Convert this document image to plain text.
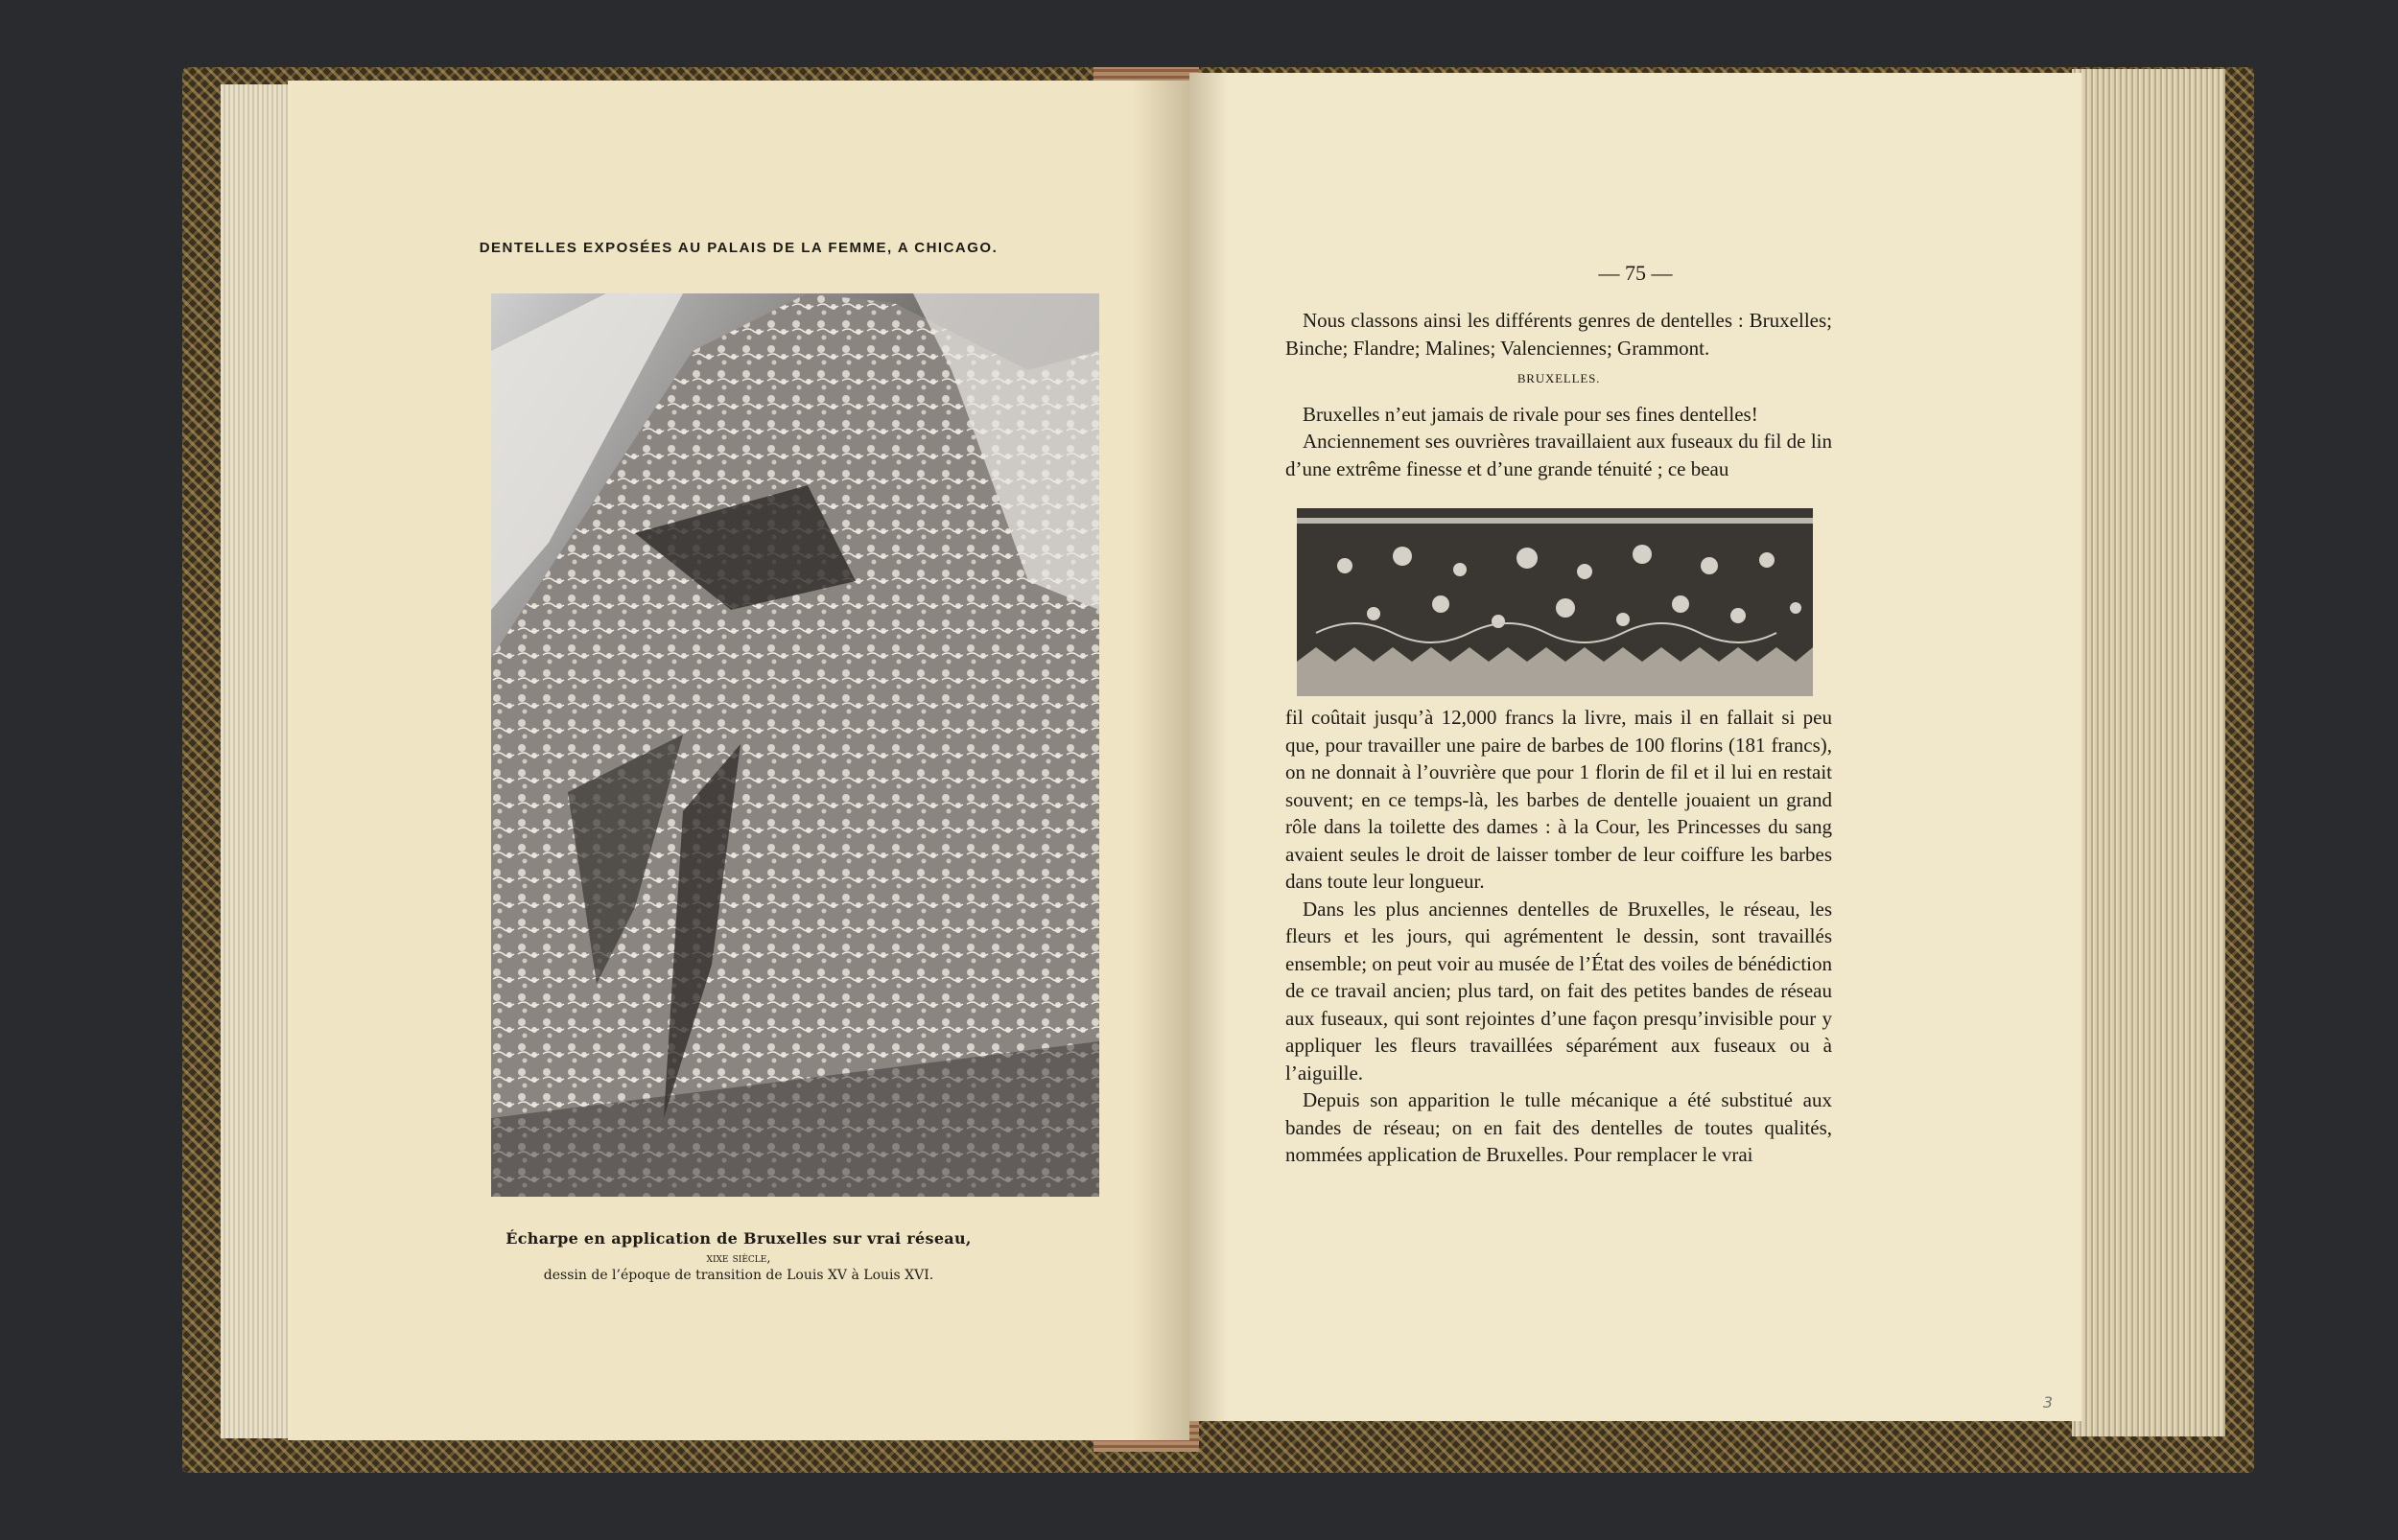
DENTELLES EXPOSÉES AU PALAIS DE LA FEMME, A CHICAGO.
Écharpe en application de Bruxelles sur vrai réseau,
xixe siècle,
dessin de l’époque de transition de Louis XV à Louis XVI.
— 75 —

Nous classons ainsi les différents genres de dentelles : Bruxelles; Binche; Flandre; Malines; Valenciennes; Grammont.

BRUXELLES.

Bruxelles n’eut jamais de rivale pour ses fines dentelles!

Anciennement ses ouvrières travaillaient aux fuseaux du fil de lin d’une extrême finesse et d’une grande ténuité ; ce beau

fil coûtait jusqu’à 12,000 francs la livre, mais il en fallait si peu que, pour travailler une paire de barbes de 100 florins (181 francs), on ne donnait à l’ouvrière que pour 1 florin de fil et il lui en restait souvent; en ce temps-là, les barbes de dentelle jouaient un grand rôle dans la toilette des dames : à la Cour, les Princesses du sang avaient seules le droit de laisser tomber de leur coiffure les barbes dans toute leur longueur.

Dans les plus anciennes dentelles de Bruxelles, le réseau, les fleurs et les jours, qui agrémentent le dessin, sont travaillés ensemble; on peut voir au musée de l’État des voiles de bénédiction de ce travail ancien; plus tard, on fait des petites bandes de réseau aux fuseaux, qui sont rejointes d’une façon presqu’invisible pour y appliquer les fleurs travaillées séparément aux fuseaux ou à l’aiguille.

Depuis son apparition le tulle mécanique a été substitué aux bandes de réseau; on en fait des dentelles de toutes qualités, nommées application de Bruxelles. Pour remplacer le vrai

3
